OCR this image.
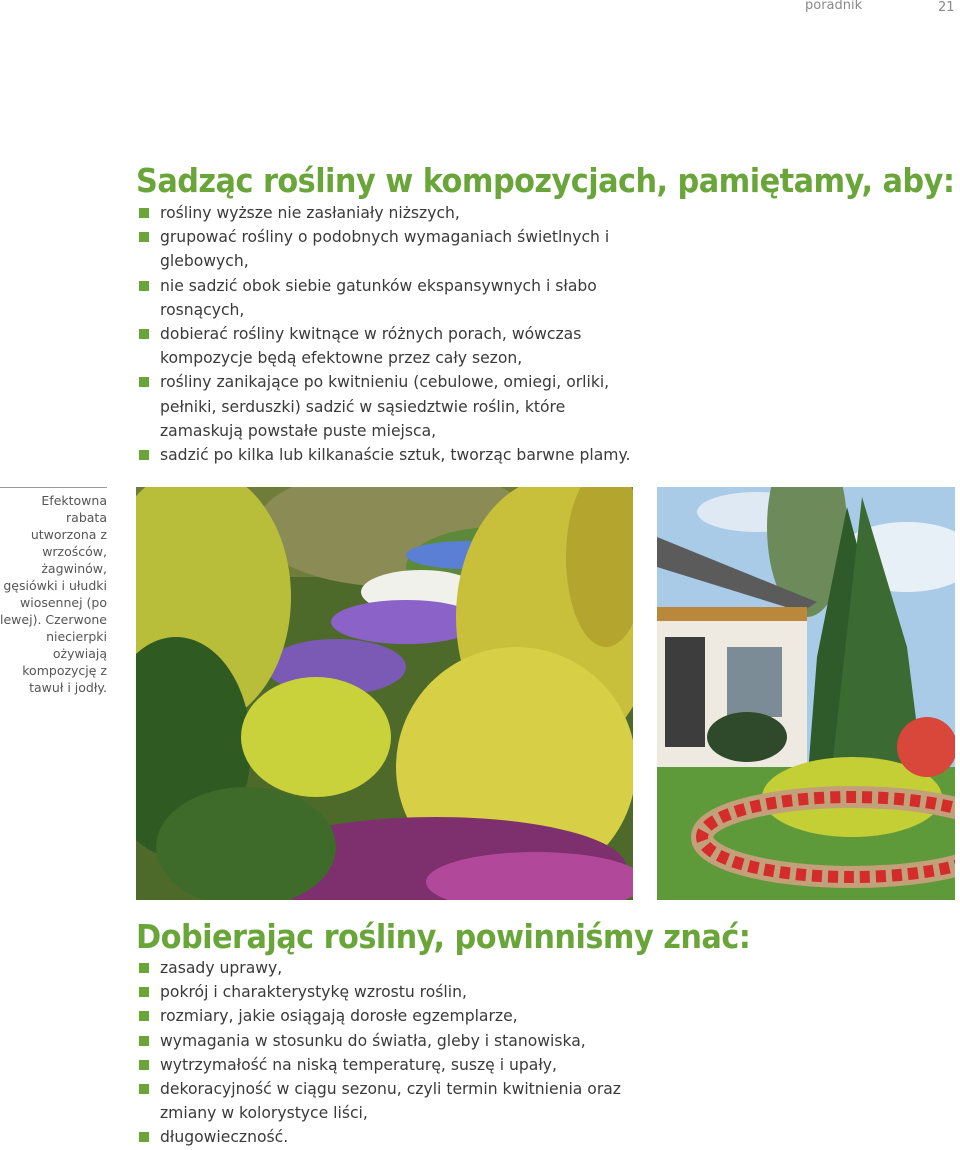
poradnik	21
Sadząc rośliny w kompozycjach, pamiętamy, aby:
rośliny wyższe nie zasłaniały niższych,
grupować rośliny o podobnych wymaganiach świetlnych i glebowych,
nie sadzić obok siebie gatunków ekspansywnych i słabo rosnących,
dobierać rośliny kwitnące w różnych porach, wówczas kompozycje będą efektowne przez cały sezon,
rośliny zanikające po kwitnieniu (cebulowe, omiegi, orliki, pełniki, serduszki) sadzić w sąsiedztwie roślin, które zamaskują powstałe puste miejsca,
sadzić po kilka lub kilkanaście sztuk, tworząc barwne plamy.
Efektowna rabata utworzona z wrzośców, żagwinów, gęsiówki i ułudki wiosennej (po lewej). Czerwone niecierpki ożywiają kompozycję z tawuł i jodły.
Dobierając rośliny, powinniśmy znać:
zasady uprawy,
pokrój i charakterystykę wzrostu roślin,
rozmiary, jakie osiągają dorosłe egzemplarze,
wymagania w stosunku do światła, gleby i stanowiska,
wytrzymałość na niską temperaturę, suszę i upały,
dekoracyjność w ciągu sezonu, czyli termin kwitnienia oraz zmiany w kolorystyce liści,
długowieczność.
